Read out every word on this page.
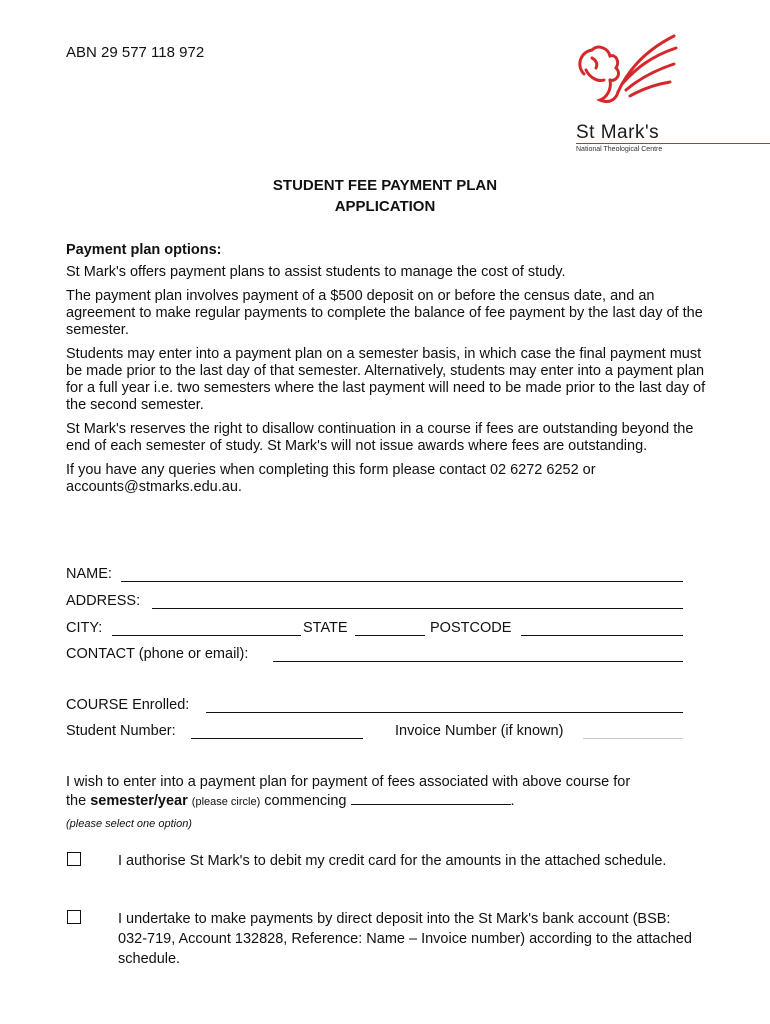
ABN 29 577 118 972
St Mark's
National Theological Centre
STUDENT FEE PAYMENT PLAN
APPLICATION
Payment plan options:

St Mark's offers payment plans to assist students to manage the cost of study.

The payment plan involves payment of a $500 deposit on or before the census date, and an agreement to make regular payments to complete the balance of fee payment by the last day of the semester.

Students may enter into a payment plan on a semester basis, in which case the final payment must be made prior to the last day of that semester. Alternatively, students may enter into a payment plan for a full year i.e. two semesters where the last payment will need to be made prior to the last day of the second semester.

St Mark's reserves the right to disallow continuation in a course if fees are outstanding beyond the end of each semester of study. St Mark's will not issue awards where fees are outstanding.

If you have any queries when completing this form please contact 02 6272 6252 or accounts@stmarks.edu.au.

NAME:
ADDRESS:
CITY:	STATE	POSTCODE
CONTACT (phone or email):
COURSE Enrolled:
Student Number:	Invoice Number (if known)
I wish to enter into a payment plan for payment of fees associated with above course for
the semester/year (please circle) commencing	.
(please select one option)
I authorise St Mark's to debit my credit card for the amounts in the attached schedule.
I undertake to make payments by direct deposit into the St Mark's bank account (BSB: 032-719, Account 132828, Reference: Name – Invoice number) according to the attached schedule.
